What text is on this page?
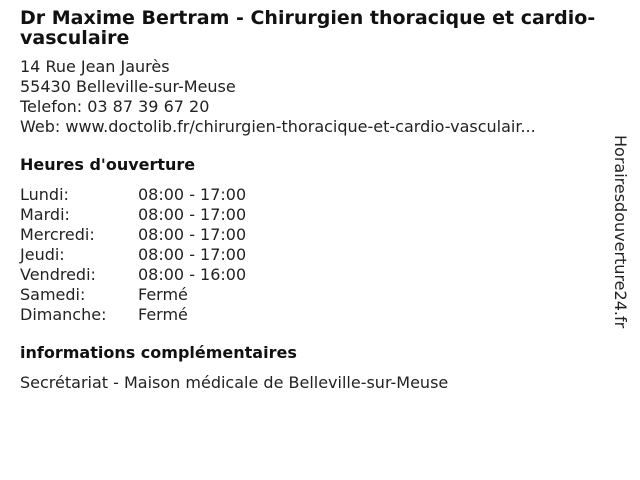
Dr Maxime Bertram - Chirurgien thoracique et cardio-vasculaire
14 Rue Jean Jaurès
55430 Belleville-sur-Meuse
Telefon: 03 87 39 67 20
Web: www.doctolib.fr/chirurgien-thoracique-et-cardio-vasculair...
Heures d'ouverture
Lundi:	08:00 - 17:00
Mardi:	08:00 - 17:00
Mercredi:	08:00 - 17:00
Jeudi:	08:00 - 17:00
Vendredi:	08:00 - 16:00
Samedi:	Fermé
Dimanche:	Fermé
informations complémentaires
Secrétariat - Maison médicale de Belleville-sur-Meuse
Horairesdouverture24.fr
